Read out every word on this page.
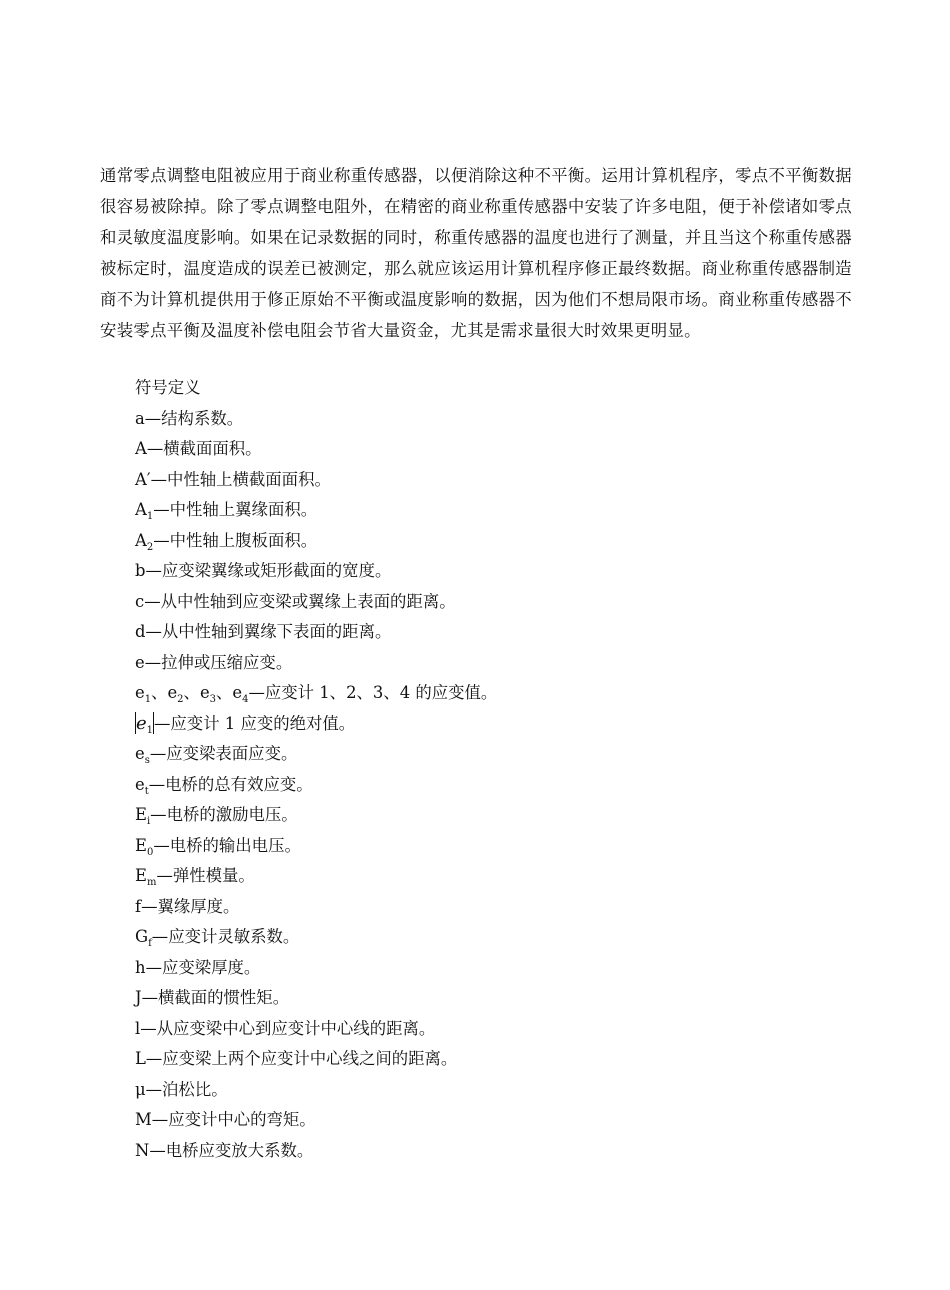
通常零点调整电阻被应用于商业称重传感器，以便消除这种不平衡。运用计算机程序，零点不平衡数据很容易被除掉。除了零点调整电阻外，在精密的商业称重传感器中安装了许多电阻，便于补偿诸如零点和灵敏度温度影响。如果在记录数据的同时，称重传感器的温度也进行了测量，并且当这个称重传感器被标定时，温度造成的误差已被测定，那么就应该运用计算机程序修正最终数据。商业称重传感器制造商不为计算机提供用于修正原始不平衡或温度影响的数据，因为他们不想局限市场。商业称重传感器不安装零点平衡及温度补偿电阻会节省大量资金，尤其是需求量很大时效果更明显。

符号定义
a—结构系数。
A—横截面面积。
A′—中性轴上横截面面积。
$A_1—$中性轴上翼缘面积。
$A_2—$中性轴上腹板面积。
b—应变梁翼缘或矩形截面的宽度。
c—从中性轴到应变梁或翼缘上表面的距离。
d—从中性轴到翼缘下表面的距离。
e—拉伸或压缩应变。
$e_1$、$e_2$、$e_3$、$e_4—$应变计 1、2、3、4 的应变值。
$e_1—$应变计 1 应变的绝对值。
$e_s—$应变梁表面应变。
$e_t—$电桥的总有效应变。
$E_i—$电桥的激励电压。
$E_0—$电桥的输出电压。
$E_m—$弹性模量。
f—翼缘厚度。
$G_f—$应变计灵敏系数。
h—应变梁厚度。
J—横截面的惯性矩。
l—从应变梁中心到应变计中心线的距离。
L—应变梁上两个应变计中心线之间的距离。
μ—泊松比。
M—应变计中心的弯矩。
N—电桥应变放大系数。
